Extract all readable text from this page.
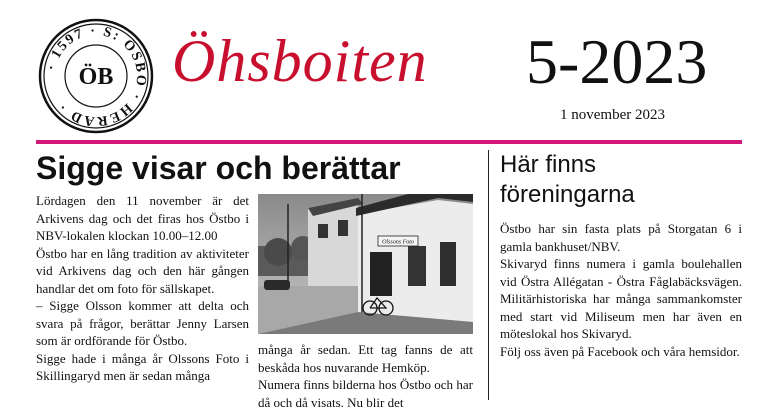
· 1597 · S: ÖSBO · HERAD ·
ÖB Öhsboiten 5-2023
1 november 2023
Sigge visar och berättar

Lördagen den 11 november är det Arkivens dag och det firas hos Östbo i NBV-lokalen klockan 10.00–12.00

Östbo har en lång tradition av aktiviteter vid Arkivens dag och den här gången handlar det om foto för sällskapet.

– Sigge Olsson kommer att delta och svara på frågor, berättar Jenny Larsen som är ordförande för Östbo.

Sigge hade i många år Olssons Foto i Skillingaryd men är sedan många

Olssons Foto

många år sedan. Ett tag fanns de att beskåda hos nuvarande Hemköp.

Numera finns bilderna hos Östbo och har då och då visats. Nu blir det

Här finns
föreningarna

Östbo har sin fasta plats på Storgatan 6 i gamla bankhuset/NBV.

Skivaryd finns numera i gamla boulehallen vid Östra Allégatan - Östra Fåglabäcksvägen. Militärhistoriska har många sammankomster med start vid Miliseum men har även en möteslokal hos Skivaryd.

Följ oss även på Facebook och våra hemsidor.
